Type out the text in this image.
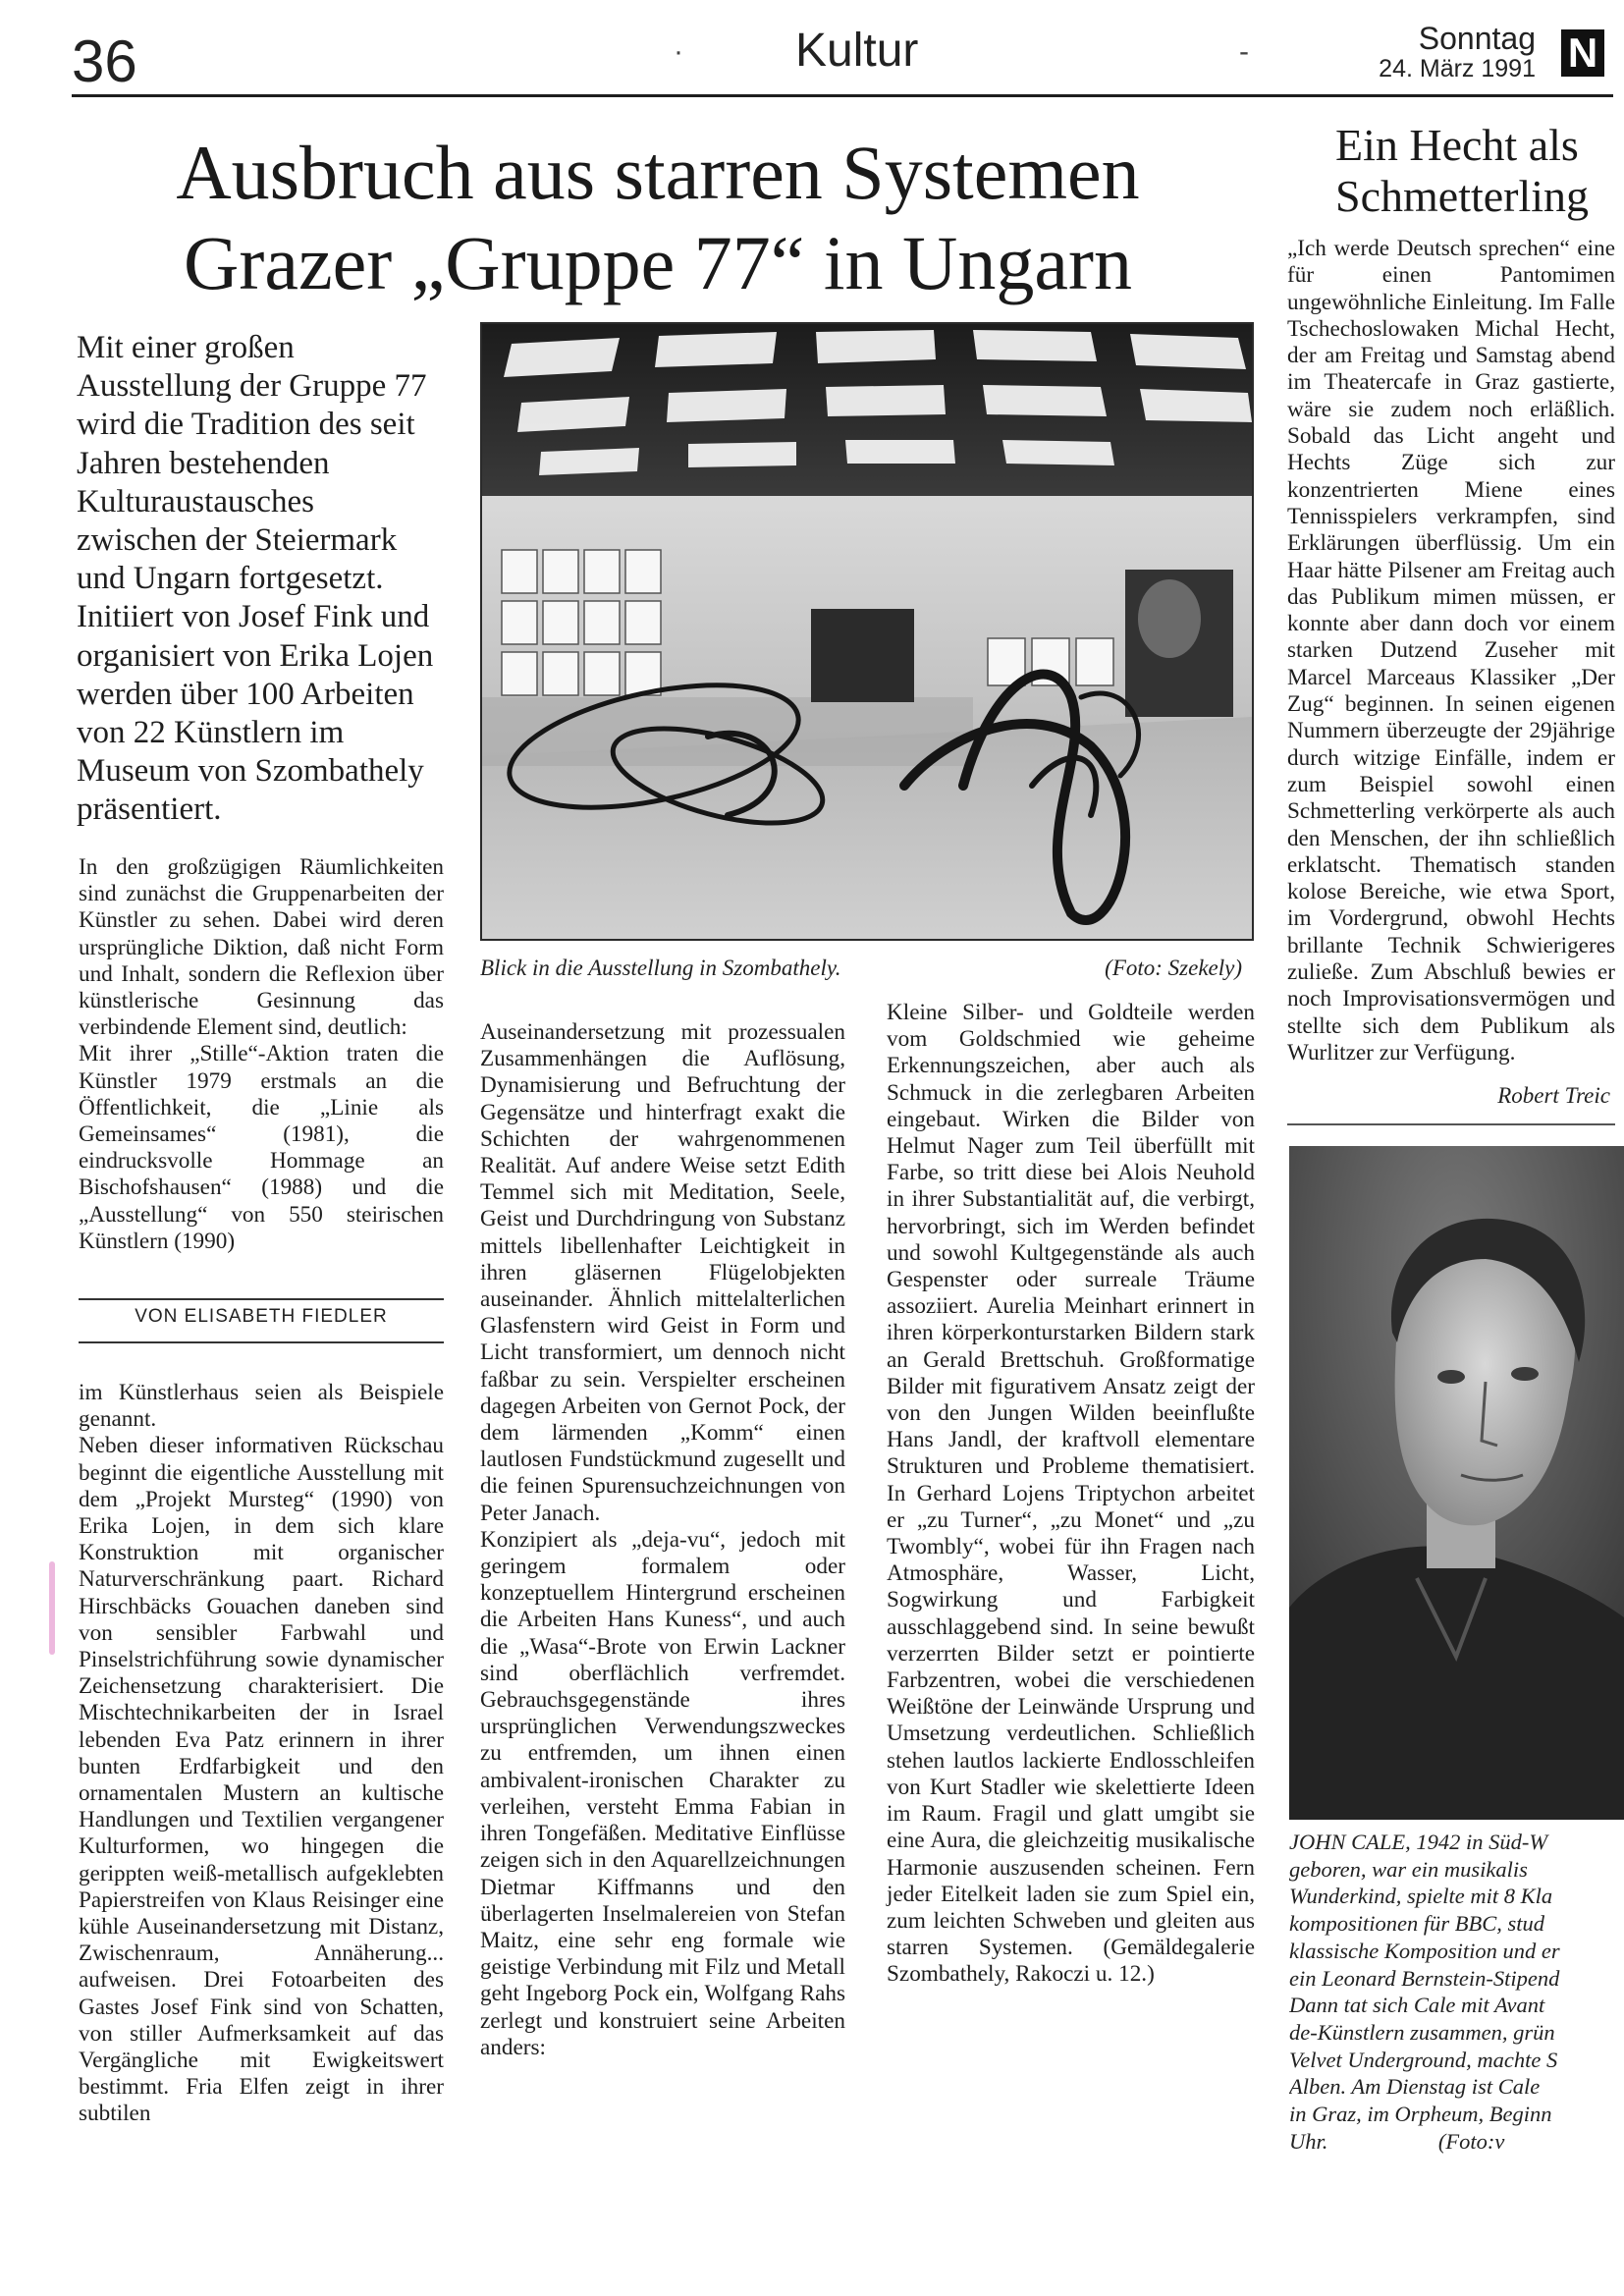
36	· Kultur	-	Sonntag
24. März 1991 N
Ausbruch aus starren Systemen
Grazer „Gruppe 77“ in Ungarn
Mit einer großen Ausstellung der Gruppe 77 wird die Tradition des seit Jahren bestehenden Kulturaustausches zwischen der Steiermark und Ungarn fortgesetzt. Initiiert von Josef Fink und organisiert von Erika Lojen werden über 100 Arbeiten von 22 Künstlern im Museum von Szombathely präsentiert.

In den großzügigen Räumlichkeiten sind zunächst die Gruppenarbeiten der Künstler zu sehen. Dabei wird deren ursprüngliche Diktion, daß nicht Form und Inhalt, sondern die Reflexion über künstlerische Gesinnung das verbindende Element sind, deutlich:

Mit ihrer „Stille“-Aktion traten die Künstler 1979 erstmals an die Öffentlichkeit, die „Linie als Gemeinsames“ (1981), die eindrucksvolle Hommage an Bischofshausen“ (1988) und die „Ausstellung“ von 550 steirischen Künstlern (1990)

VON ELISABETH FIEDLER

im Künstlerhaus seien als Beispiele genannt.

Neben dieser informativen Rückschau beginnt die eigentliche Ausstellung mit dem „Projekt Mursteg“ (1990) von Erika Lojen, in dem sich klare Konstruktion mit organischer Naturverschränkung paart. Richard Hirschbäcks Gouachen daneben sind von sensibler Farbwahl und Pinselstrichführung sowie dynamischer Zeichensetzung charakterisiert. Die Mischtechnikarbeiten der in Israel lebenden Eva Patz erinnern in ihrer bunten Erdfarbigkeit und den ornamentalen Mustern an kultische Handlungen und Textilien vergangener Kulturformen, wo hingegen die gerippten weiß-metallisch aufgeklebten Papierstreifen von Klaus Reisinger eine kühle Auseinandersetzung mit Distanz, Zwischenraum, Annäherung... aufweisen. Drei Fotoarbeiten des Gastes Josef Fink sind von Schatten, von stiller Aufmerksamkeit auf das Vergängliche mit Ewigkeitswert bestimmt. Fria Elfen zeigt in ihrer subtilen

Blick in die Ausstellung in Szombathely.	(Foto: Szekely)

Auseinandersetzung mit prozessualen Zusammenhängen die Auflösung, Dynamisierung und Befruchtung der Gegensätze und hinterfragt exakt die Schichten der wahrgenommenen Realität. Auf andere Weise setzt Edith Temmel sich mit Meditation, Seele, Geist und Durchdringung von Substanz mittels libellenhafter Leichtigkeit in ihren gläsernen Flügelobjekten auseinander. Ähnlich mittelalterlichen Glasfenstern wird Geist in Form und Licht transformiert, um dennoch nicht faßbar zu sein. Verspielter erscheinen dagegen Arbeiten von Gernot Pock, der dem lärmenden „Komm“ einen lautlosen Fundstückmund zugesellt und die feinen Spurensuchzeichnungen von Peter Janach.

Konzipiert als „deja-vu“, jedoch mit geringem formalem oder konzeptuellem Hintergrund erscheinen die Arbeiten Hans Kuness“, und auch die „Wasa“-Brote von Erwin Lackner sind oberflächlich verfremdet. Gebrauchsgegenstände ihres ursprünglichen Verwendungszweckes zu entfremden, um ihnen einen ambivalent-ironischen Charakter zu verleihen, versteht Emma Fabian in ihren Tongefäßen. Meditative Einflüsse zeigen sich in den Aquarellzeichnungen Dietmar Kiffmanns und den überlagerten Inselmalereien von Stefan Maitz, eine sehr eng formale wie geistige Verbindung mit Filz und Metall geht Ingeborg Pock ein, Wolfgang Rahs zerlegt und konstruiert seine Arbeiten anders:

Kleine Silber- und Goldteile werden vom Goldschmied wie geheime Erkennungszeichen, aber auch als Schmuck in die zerlegbaren Arbeiten eingebaut. Wirken die Bilder von Helmut Nager zum Teil überfüllt mit Farbe, so tritt diese bei Alois Neuhold in ihrer Substantialität auf, die verbirgt, hervorbringt, sich im Werden befindet und sowohl Kultgegenstände als auch Gespenster oder surreale Träume assoziiert. Aurelia Meinhart erinnert in ihren körperkonturstarken Bildern stark an Gerald Brettschuh. Großformatige Bilder mit figurativem Ansatz zeigt der von den Jungen Wilden beeinflußte Hans Jandl, der kraftvoll elementare Strukturen und Probleme thematisiert. In Gerhard Lojens Triptychon arbeitet er „zu Turner“, „zu Monet“ und „zu Twombly“, wobei für ihn Fragen nach Atmosphäre, Wasser, Licht, Sogwirkung und Farbigkeit ausschlaggebend sind. In seine bewußt verzerrten Bilder setzt er pointierte Farbzentren, wobei die verschiedenen Weißtöne der Leinwände Ursprung und Umsetzung verdeutlichen. Schließlich stehen lautlos lackierte Endlosschleifen von Kurt Stadler wie skelettierte Ideen im Raum. Fragil und glatt umgibt sie eine Aura, die gleichzeitig musikalische Harmonie auszusenden scheinen. Fern jeder Eitelkeit laden sie zum Spiel ein, zum leichten Schweben und gleiten aus starren Systemen. (Gemäldegalerie Szombathely, Rakoczi u. 12.)

Ein Hecht als
Schmetterling

„Ich werde Deutsch sprechen“ eine für einen Pantomimen ungewöhnliche Einleitung. Im Falle Tschechoslowaken Michal Hecht, der am Freitag und Samstag abend im Theatercafe in Graz gastierte, wäre sie zudem noch erläßlich. Sobald das Licht angeht und Hechts Züge sich zur konzentrierten Miene eines Tennisspielers verkrampfen, sind Erklärungen überflüssig. Um ein Haar hätte Pilsener am Freitag auch das Publikum mimen müssen, er konnte aber dann doch vor einem starken Dutzend Zuseher mit Marcel Marceaus Klassiker „Der Zug“ beginnen. In seinen eigenen Nummern überzeugte der 29jährige durch witzige Einfälle, indem er zum Beispiel sowohl einen Schmetterling verkörperte als auch den Menschen, der ihn schließlich erklatscht. Thematisch standen kolose Bereiche, wie etwa Sport, im Vordergrund, obwohl Hechts brillante Technik Schwierigeres zuließe. Zum Abschluß bewies er noch Improvisationsvermögen und stellte sich dem Publikum als Wurlitzer zur Verfügung.

Robert Treic
JOHN CALE, 1942 in Süd-W
geboren, war ein musikalis
Wunderkind, spielte mit 8 Kla
kompositionen für BBC, stud
klassische Komposition und er
ein Leonard Bernstein-Stipend
Dann tat sich Cale mit Avant
de-Künstlern zusammen, grün
Velvet Underground, machte S
Alben. Am Dienstag ist Cale
in Graz, im Orpheum, Beginn
Uhr.                    (Foto:v
